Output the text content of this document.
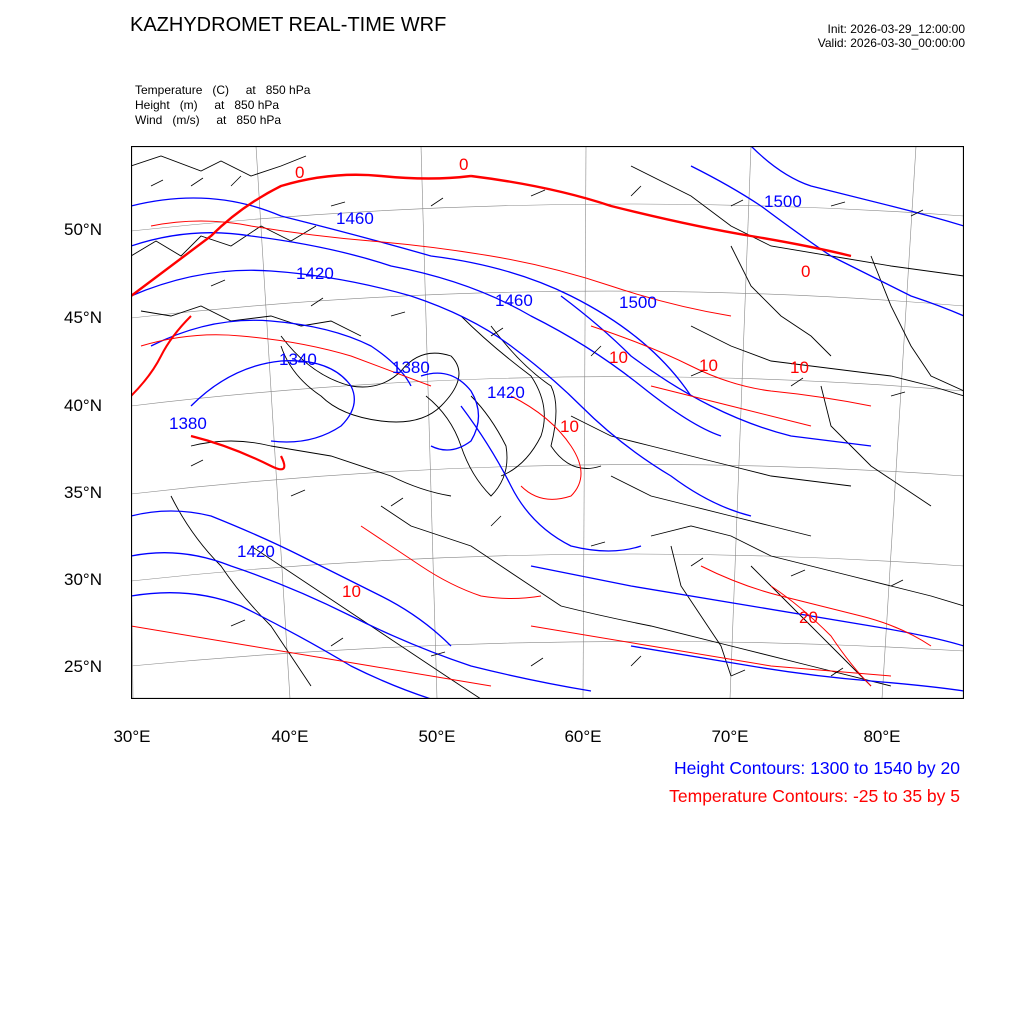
KAZHYDROMET REAL-TIME WRF	Init: 2026-03-29_12:00:00
Valid: 2026-03-30_00:00:00
Temperature   (C)     at   850 hPa
Height   (m)     at   850 hPa
Wind   (m/s)     at   850 hPa
50°N
45°N
40°N
35°N
30°N
25°N
30°E	40°E	50°E	60°E	70°E	80°E
Height Contours: 1300 to 1540 by 20
Temperature Contours: -25 to 35 by 5
1460
1420
1460	1500
1500
1340	1380
1420
1380
1420
0
0
0
10	10	10
10
10
20
